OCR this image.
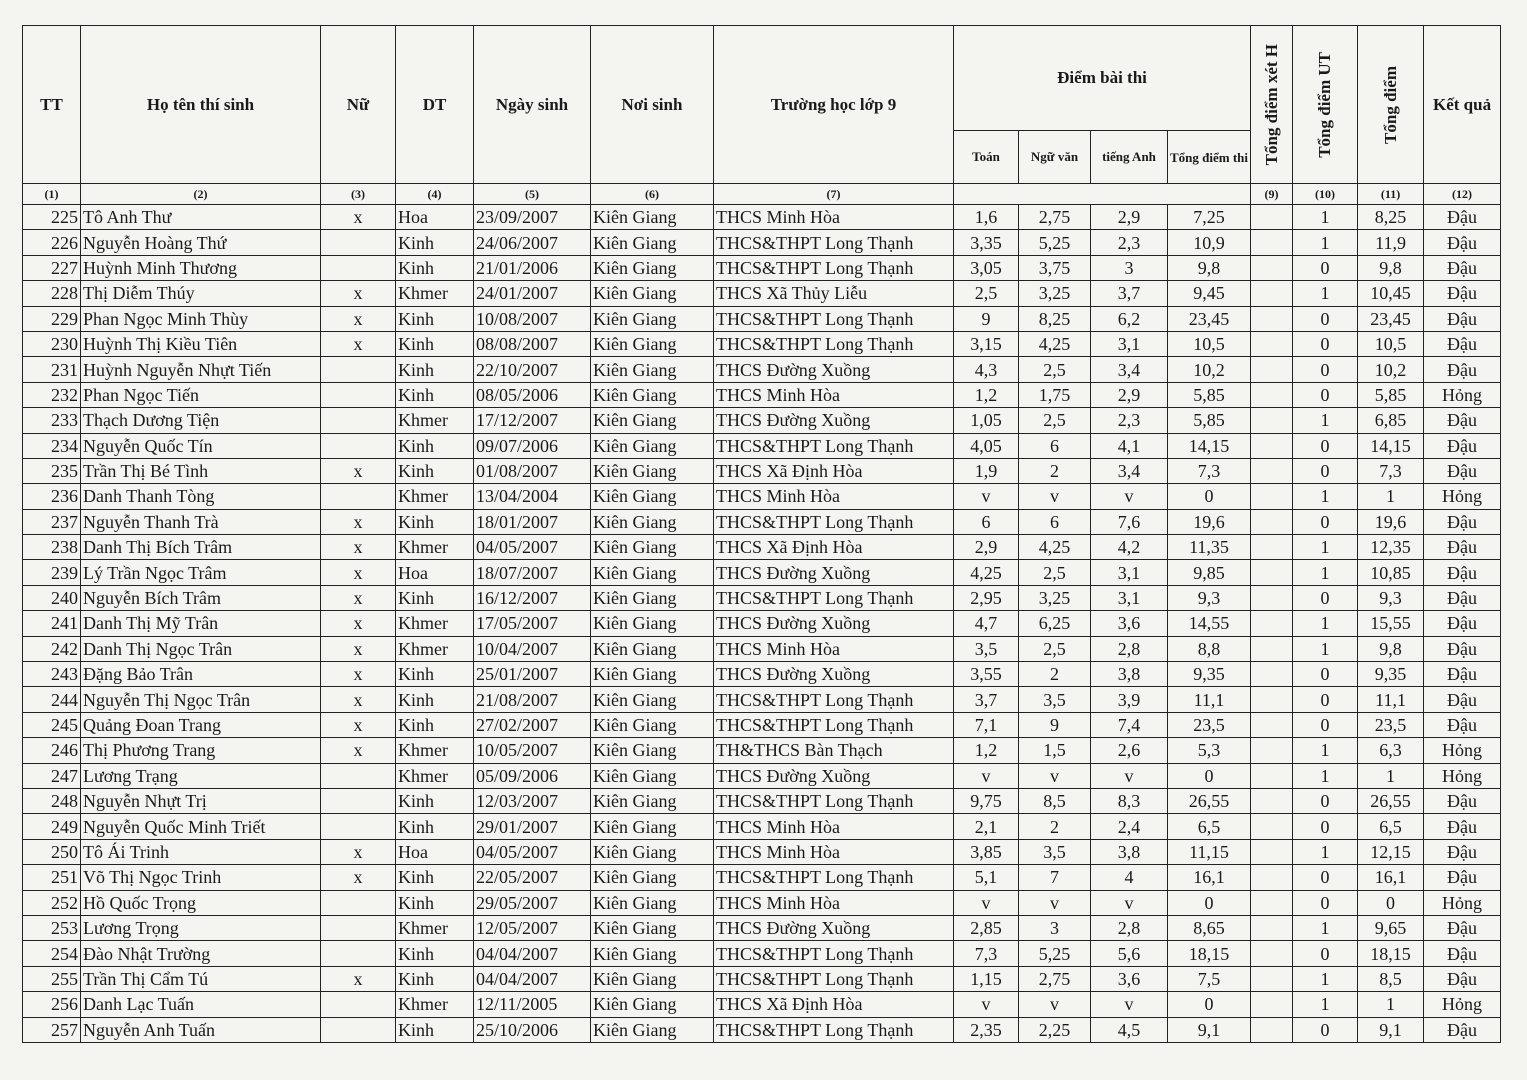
TT	Họ tên thí sinh	Nữ	DT	Ngày sinh	Nơi sinh	Trường học lớp 9	Điểm bài thi				Tổng điểm xét H	Tổng điểm UT	Tổng điểm	Kết quả
							Toán	Ngữ văn	tiếng Anh	Tổng điểm thi				
(1)	(2)	(3)	(4)	(5)	(6)	(7)					(9)	(10)	(11)	(12)
225	Tô Anh Thư	x	Hoa	23/09/2007	Kiên Giang	THCS Minh Hòa	1,6	2,75	2,9	7,25		1	8,25	Đậu
226	Nguyễn Hoàng Thứ		Kinh	24/06/2007	Kiên Giang	THCS&THPT Long Thạnh	3,35	5,25	2,3	10,9		1	11,9	Đậu
227	Huỳnh Minh Thương		Kinh	21/01/2006	Kiên Giang	THCS&THPT Long Thạnh	3,05	3,75	3	9,8		0	9,8	Đậu
228	Thị Diễm Thúy	x	Khmer	24/01/2007	Kiên Giang	THCS Xã Thủy Liễu	2,5	3,25	3,7	9,45		1	10,45	Đậu
229	Phan Ngọc Minh Thùy	x	Kinh	10/08/2007	Kiên Giang	THCS&THPT Long Thạnh	9	8,25	6,2	23,45		0	23,45	Đậu
230	Huỳnh Thị Kiều Tiên	x	Kinh	08/08/2007	Kiên Giang	THCS&THPT Long Thạnh	3,15	4,25	3,1	10,5		0	10,5	Đậu
231	Huỳnh Nguyễn Nhựt Tiến		Kinh	22/10/2007	Kiên Giang	THCS Đường Xuồng	4,3	2,5	3,4	10,2		0	10,2	Đậu
232	Phan Ngọc Tiến		Kinh	08/05/2006	Kiên Giang	THCS Minh Hòa	1,2	1,75	2,9	5,85		0	5,85	Hỏng
233	Thạch Dương Tiện		Khmer	17/12/2007	Kiên Giang	THCS Đường Xuồng	1,05	2,5	2,3	5,85		1	6,85	Đậu
234	Nguyễn Quốc Tín		Kinh	09/07/2006	Kiên Giang	THCS&THPT Long Thạnh	4,05	6	4,1	14,15		0	14,15	Đậu
235	Trần Thị Bé Tình	x	Kinh	01/08/2007	Kiên Giang	THCS Xã Định Hòa	1,9	2	3,4	7,3		0	7,3	Đậu
236	Danh Thanh Tòng		Khmer	13/04/2004	Kiên Giang	THCS Minh Hòa	v	v	v	0		1	1	Hỏng
237	Nguyễn Thanh Trà	x	Kinh	18/01/2007	Kiên Giang	THCS&THPT Long Thạnh	6	6	7,6	19,6		0	19,6	Đậu
238	Danh Thị Bích Trâm	x	Khmer	04/05/2007	Kiên Giang	THCS Xã Định Hòa	2,9	4,25	4,2	11,35		1	12,35	Đậu
239	Lý Trần Ngọc Trâm	x	Hoa	18/07/2007	Kiên Giang	THCS Đường Xuồng	4,25	2,5	3,1	9,85		1	10,85	Đậu
240	Nguyễn Bích Trâm	x	Kinh	16/12/2007	Kiên Giang	THCS&THPT Long Thạnh	2,95	3,25	3,1	9,3		0	9,3	Đậu
241	Danh Thị Mỹ Trân	x	Khmer	17/05/2007	Kiên Giang	THCS Đường Xuồng	4,7	6,25	3,6	14,55		1	15,55	Đậu
242	Danh Thị Ngọc Trân	x	Khmer	10/04/2007	Kiên Giang	THCS Minh Hòa	3,5	2,5	2,8	8,8		1	9,8	Đậu
243	Đặng Bảo Trân	x	Kinh	25/01/2007	Kiên Giang	THCS Đường Xuồng	3,55	2	3,8	9,35		0	9,35	Đậu
244	Nguyễn Thị Ngọc Trân	x	Kinh	21/08/2007	Kiên Giang	THCS&THPT Long Thạnh	3,7	3,5	3,9	11,1		0	11,1	Đậu
245	Quảng Đoan Trang	x	Kinh	27/02/2007	Kiên Giang	THCS&THPT Long Thạnh	7,1	9	7,4	23,5		0	23,5	Đậu
246	Thị Phương Trang	x	Khmer	10/05/2007	Kiên Giang	TH&THCS Bàn Thạch	1,2	1,5	2,6	5,3		1	6,3	Hỏng
247	Lương Trạng		Khmer	05/09/2006	Kiên Giang	THCS Đường Xuồng	v	v	v	0		1	1	Hỏng
248	Nguyễn Nhựt Trị		Kinh	12/03/2007	Kiên Giang	THCS&THPT Long Thạnh	9,75	8,5	8,3	26,55		0	26,55	Đậu
249	Nguyễn Quốc Minh Triết		Kinh	29/01/2007	Kiên Giang	THCS Minh Hòa	2,1	2	2,4	6,5		0	6,5	Đậu
250	Tô Ái Trinh	x	Hoa	04/05/2007	Kiên Giang	THCS Minh Hòa	3,85	3,5	3,8	11,15		1	12,15	Đậu
251	Võ Thị Ngọc Trinh	x	Kinh	22/05/2007	Kiên Giang	THCS&THPT Long Thạnh	5,1	7	4	16,1		0	16,1	Đậu
252	Hồ Quốc Trọng		Kinh	29/05/2007	Kiên Giang	THCS Minh Hòa	v	v	v	0		0	0	Hỏng
253	Lương Trọng		Khmer	12/05/2007	Kiên Giang	THCS Đường Xuồng	2,85	3	2,8	8,65		1	9,65	Đậu
254	Đào Nhật Trường		Kinh	04/04/2007	Kiên Giang	THCS&THPT Long Thạnh	7,3	5,25	5,6	18,15		0	18,15	Đậu
255	Trần Thị Cẩm Tú	x	Kinh	04/04/2007	Kiên Giang	THCS&THPT Long Thạnh	1,15	2,75	3,6	7,5		1	8,5	Đậu
256	Danh Lạc Tuấn		Khmer	12/11/2005	Kiên Giang	THCS Xã Định Hòa	v	v	v	0		1	1	Hỏng
257	Nguyễn Anh Tuấn		Kinh	25/10/2006	Kiên Giang	THCS&THPT Long Thạnh	2,35	2,25	4,5	9,1		0	9,1	Đậu
